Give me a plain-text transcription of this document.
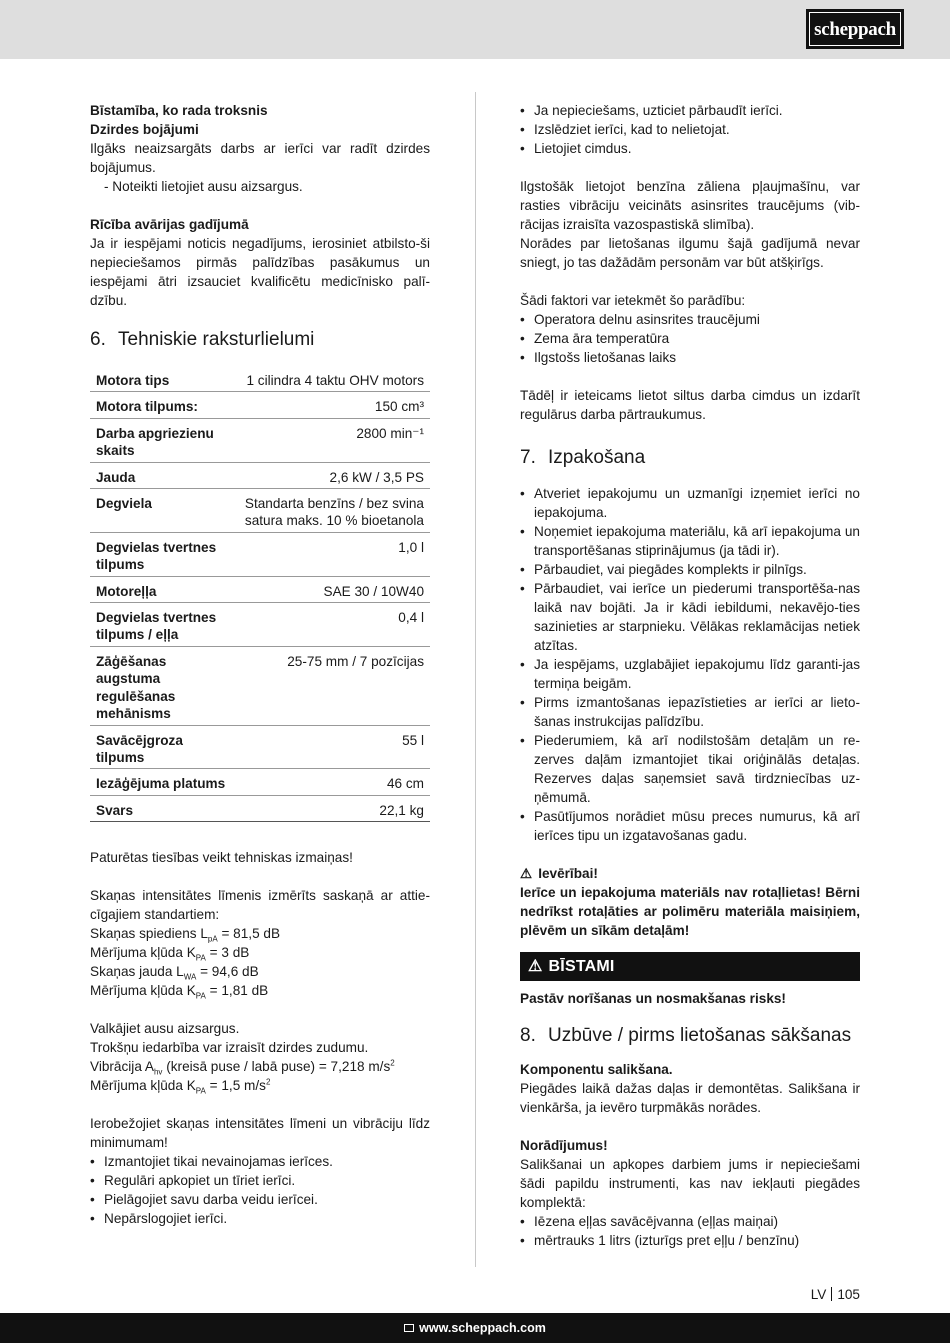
scheppach
Bīstamība, ko rada troksnis
Dzirdes bojājumi

Ilgāks neaizsargāts darbs ar ierīci var radīt dzirdes bojājumus.

- Noteikti lietojiet ausu aizsargus.
Rīcība avārijas gadījumā

Ja ir iespējami noticis negadījums, ierosiniet atbilsto-ši nepieciešamos pirmās palīdzības pasākumus un iespējami ātri izsauciet kvalificētu medicīnisko palī-dzību.

6. Tehniskie raksturlielumi
Motora tips	1 cilindra 4 taktu OHV motors
Motora tilpums:	150 cm³
Darba apgriezienu skaits	2800 min⁻¹
Jauda	2,6 kW / 3,5 PS
Degviela	Standarta benzīns / bez svina satura maks. 10 % bioetanola
Degvielas tvertnes tilpums	1,0 l
Motoreļļa	SAE 30 / 10W40
Degvielas tvertnes tilpums / eļļa	0,4 l
Zāģēšanas augstuma regulēšanas mehānisms	25-75 mm / 7 pozīcijas
Savācējgroza tilpums	55 l
Iezāģējuma platums	46 cm
Svars	22,1 kg

Paturētas tiesības veikt tehniskas izmaiņas!

Skaņas intensitātes līmenis izmērīts saskaņā ar attie-cīgajiem standartiem:

Skaņas spiediens $L_{pA} = 81,5$ dB
Mērījuma kļūda $K_{PA} = 3$ dB
Skaņas jauda $L_{WA} = 94,6$ dB
Mērījuma kļūda $K_{PA} = 1,81$ dB
Valkājiet ausu aizsargus.
Trokšņu iedarbība var izraisīt dzirdes zudumu.
Vibrācija $A_{hv}$ (kreisā puse / labā puse) = 7,218 $m/s^2$
Mērījuma kļūda $K_{PA} = 1,5$ $m/s^2$

Ierobežojiet skaņas intensitātes līmeni un vibrāciju līdz minimumam!

• Izmantojiet tikai nevainojamas ierīces.
• Regulāri apkopiet un tīriet ierīci.
• Pielāgojiet savu darba veidu ierīcei.
• Nepārslogojiet ierīci.
• Ja nepieciešams, uzticiet pārbaudīt ierīci.
• Izslēdziet ierīci, kad to nelietojat.
• Lietojiet cimdus.

Ilgstošāk lietojot benzīna zāliena pļaujmašīnu, var rasties vibrāciju veicināts asinsrites traucējums (vib-rācijas izraisīta vazospastiskā slimība).

Norādes par lietošanas ilgumu šajā gadījumā nevar sniegt, jo tas dažādām personām var būt atšķirīgs.

Šādi faktori var ietekmēt šo parādību:

• Operatora delnu asinsrites traucējumi
• Zema āra temperatūra
• Ilgstošs lietošanas laiks

Tādēļ ir ieteicams lietot siltus darba cimdus un izdarīt regulārus darba pārtraukumus.

7. Izpakošana
• Atveriet iepakojumu un uzmanīgi izņemiet ierīci no iepakojuma.
• Noņemiet iepakojuma materiālu, kā arī iepakojuma un transportēšanas stiprinājumus (ja tādi ir).
• Pārbaudiet, vai piegādes komplekts ir pilnīgs.
• Pārbaudiet, vai ierīce un piederumi transportēša-nas laikā nav bojāti. Ja ir kādi iebildumi, nekavējo-ties sazinieties ar starpnieku. Vēlākas reklamācijas netiek atzītas.
• Ja iespējams, uzglabājiet iepakojumu līdz garanti-jas termiņa beigām.
• Pirms izmantošanas iepazīstieties ar ierīci ar lieto-šanas instrukcijas palīdzību.
• Piederumiem, kā arī nodilstošām detaļām un re-zerves daļām izmantojiet tikai oriģinālās detaļas. Rezerves daļas saņemsiet savā tirdzniecības uz-ņēmumā.
• Pasūtījumos norādiet mūsu preces numurus, kā arī ierīces tipu un izgatavošanas gadu.
⚠ Ievērībai!

Ierīce un iepakojuma materiāls nav rotaļlietas! Bērni nedrīkst rotaļāties ar polimēru materiāla maisiņiem, plēvēm un sīkām detaļām!

⚠ BĪSTAMI

Pastāv norīšanas un nosmakšanas risks!

8. Uzbūve / pirms lietošanas sākšanas
Komponentu salikšana.

Piegādes laikā dažas daļas ir demontētas. Salikšana ir vienkārša, ja ievēro turpmākās norādes.

Norādījumus!

Salikšanai un apkopes darbiem jums ir nepieciešami šādi papildu instrumenti, kas nav iekļauti piegādes komplektā:

• Iēzena eļļas savācējvanna (eļļas maiņai)
• mērtrauks 1 litrs (izturīgs pret eļļu / benzīnu)
LV 105
www.scheppach.com
